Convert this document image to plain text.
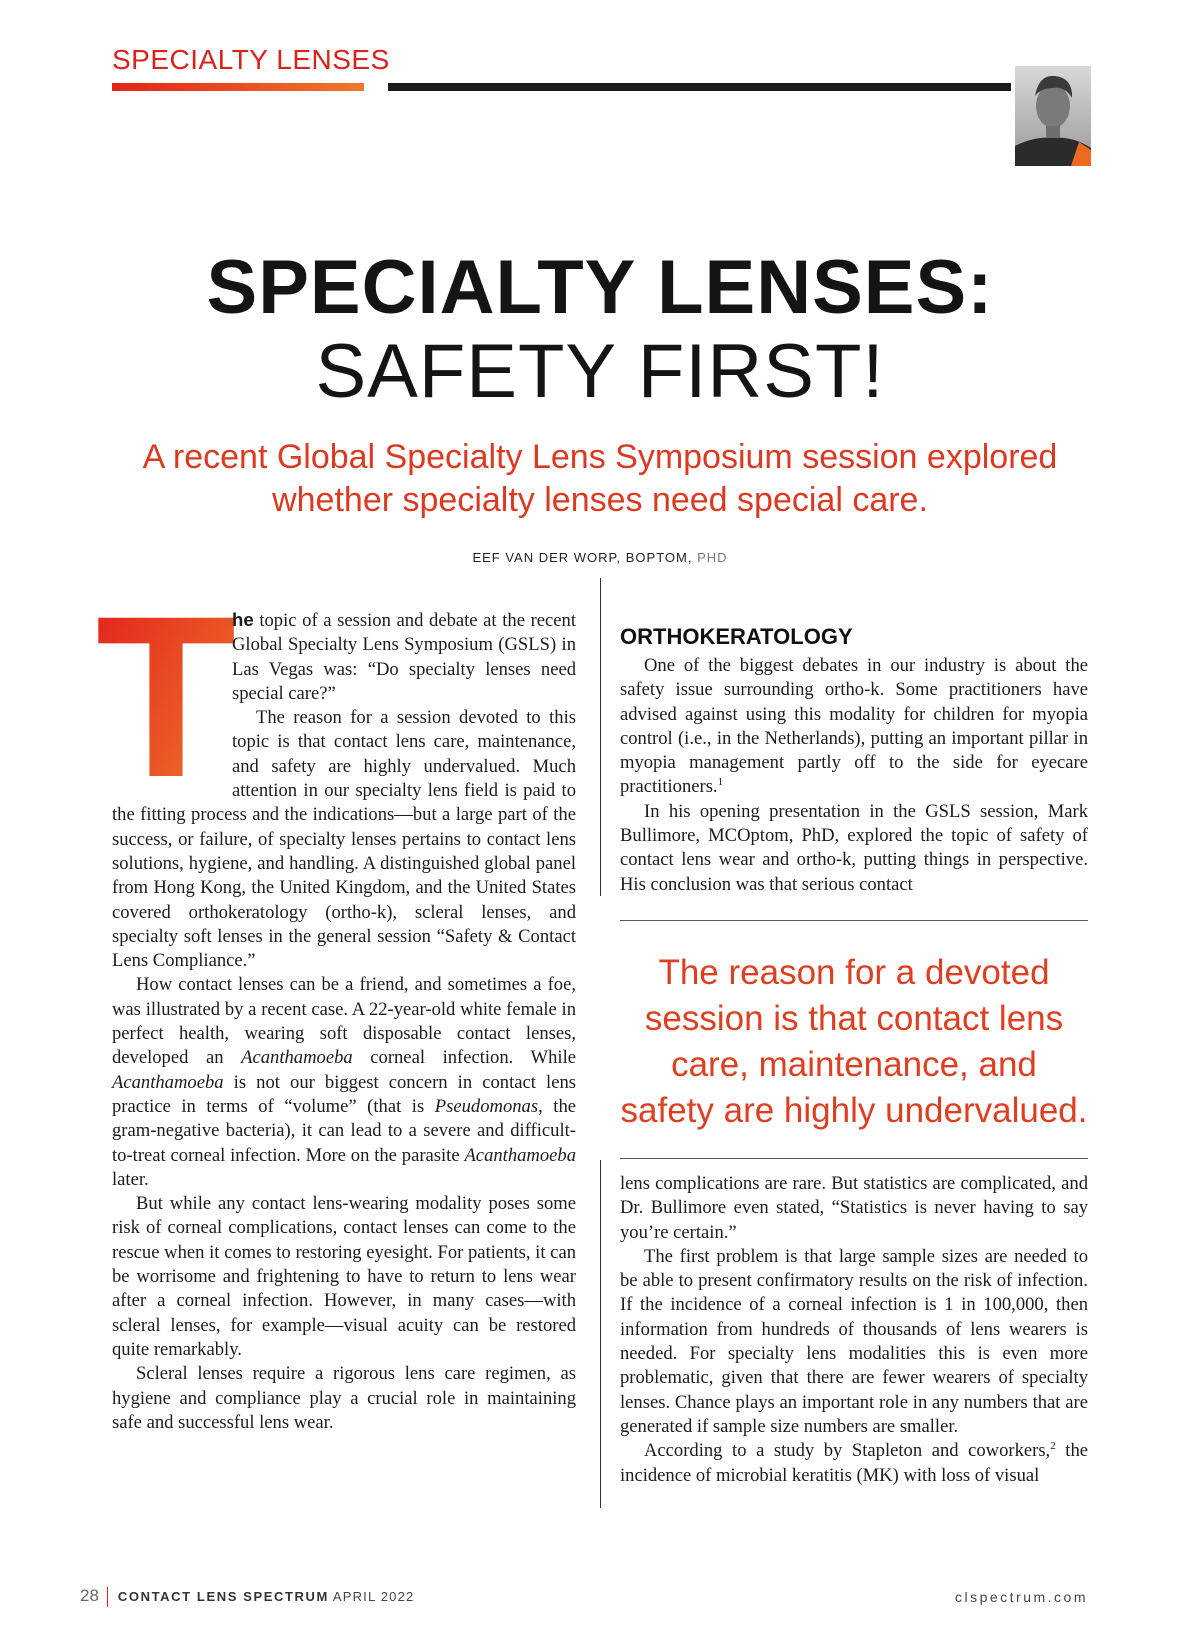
SPECIALTY LENSES
SPECIALTY LENSES:
SAFETY FIRST!
A recent Global Specialty Lens Symposium session explored whether specialty lenses need special care.
EEF VAN DER WORP, BOPTOM, PHD
T

he topic of a session and debate at the recent Global Specialty Lens Symposium (GSLS) in Las Vegas was: “Do specialty lenses need special care?”

The reason for a session devoted to this topic is that contact lens care, maintenance, and safety are highly undervalued. Much attention in our specialty lens field is paid to the fitting process and the indications—but a large part of the success, or failure, of specialty lenses pertains to contact lens solutions, hygiene, and handling. A distinguished global panel from Hong Kong, the United Kingdom, and the United States covered orthokeratology (ortho-k), scleral lenses, and specialty soft lenses in the general session “Safety & Contact Lens Compliance.”

How contact lenses can be a friend, and sometimes a foe, was illustrated by a recent case. A 22-year-old white female in perfect health, wearing soft disposable contact lenses, developed an Acanthamoeba corneal infection. While Acanthamoeba is not our biggest concern in contact lens practice in terms of “volume” (that is Pseudomonas, the gram-negative bacteria), it can lead to a severe and difficult-to-treat corneal infection. More on the parasite Acanthamoeba later.

But while any contact lens-wearing modality poses some risk of corneal complications, contact lenses can come to the rescue when it comes to restoring eyesight. For patients, it can be worrisome and frightening to have to return to lens wear after a corneal infection. However, in many cases—with scleral lenses, for example—visual acuity can be restored quite remarkably.

Scleral lenses require a rigorous lens care regimen, as hygiene and compliance play a crucial role in maintaining safe and successful lens wear.

ORTHOKERATOLOGY

One of the biggest debates in our industry is about the safety issue surrounding ortho-k. Some practitioners have advised against using this modality for children for myopia control (i.e., in the Netherlands), putting an important pillar in myopia management partly off to the side for eyecare practitioners.$^1$

In his opening presentation in the GSLS session, Mark Bullimore, MCOptom, PhD, explored the topic of safety of contact lens wear and ortho-k, putting things in perspective. His conclusion was that serious contact

The reason for a devoted session is that contact lens care, maintenance, and safety are highly undervalued.

lens complications are rare. But statistics are complicated, and Dr. Bullimore even stated, “Statistics is never having to say you’re certain.”

The first problem is that large sample sizes are needed to be able to present confirmatory results on the risk of infection. If the incidence of a corneal infection is 1 in 100,000, then information from hundreds of thousands of lens wearers is needed. For specialty lens modalities this is even more problematic, given that there are fewer wearers of specialty lenses. Chance plays an important role in any numbers that are generated if sample size numbers are smaller.

According to a study by Stapleton and coworkers,$^2$ the incidence of microbial keratitis (MK) with loss of visual

28 CONTACT LENS SPECTRUM APRIL 2022	clspectrum.com
